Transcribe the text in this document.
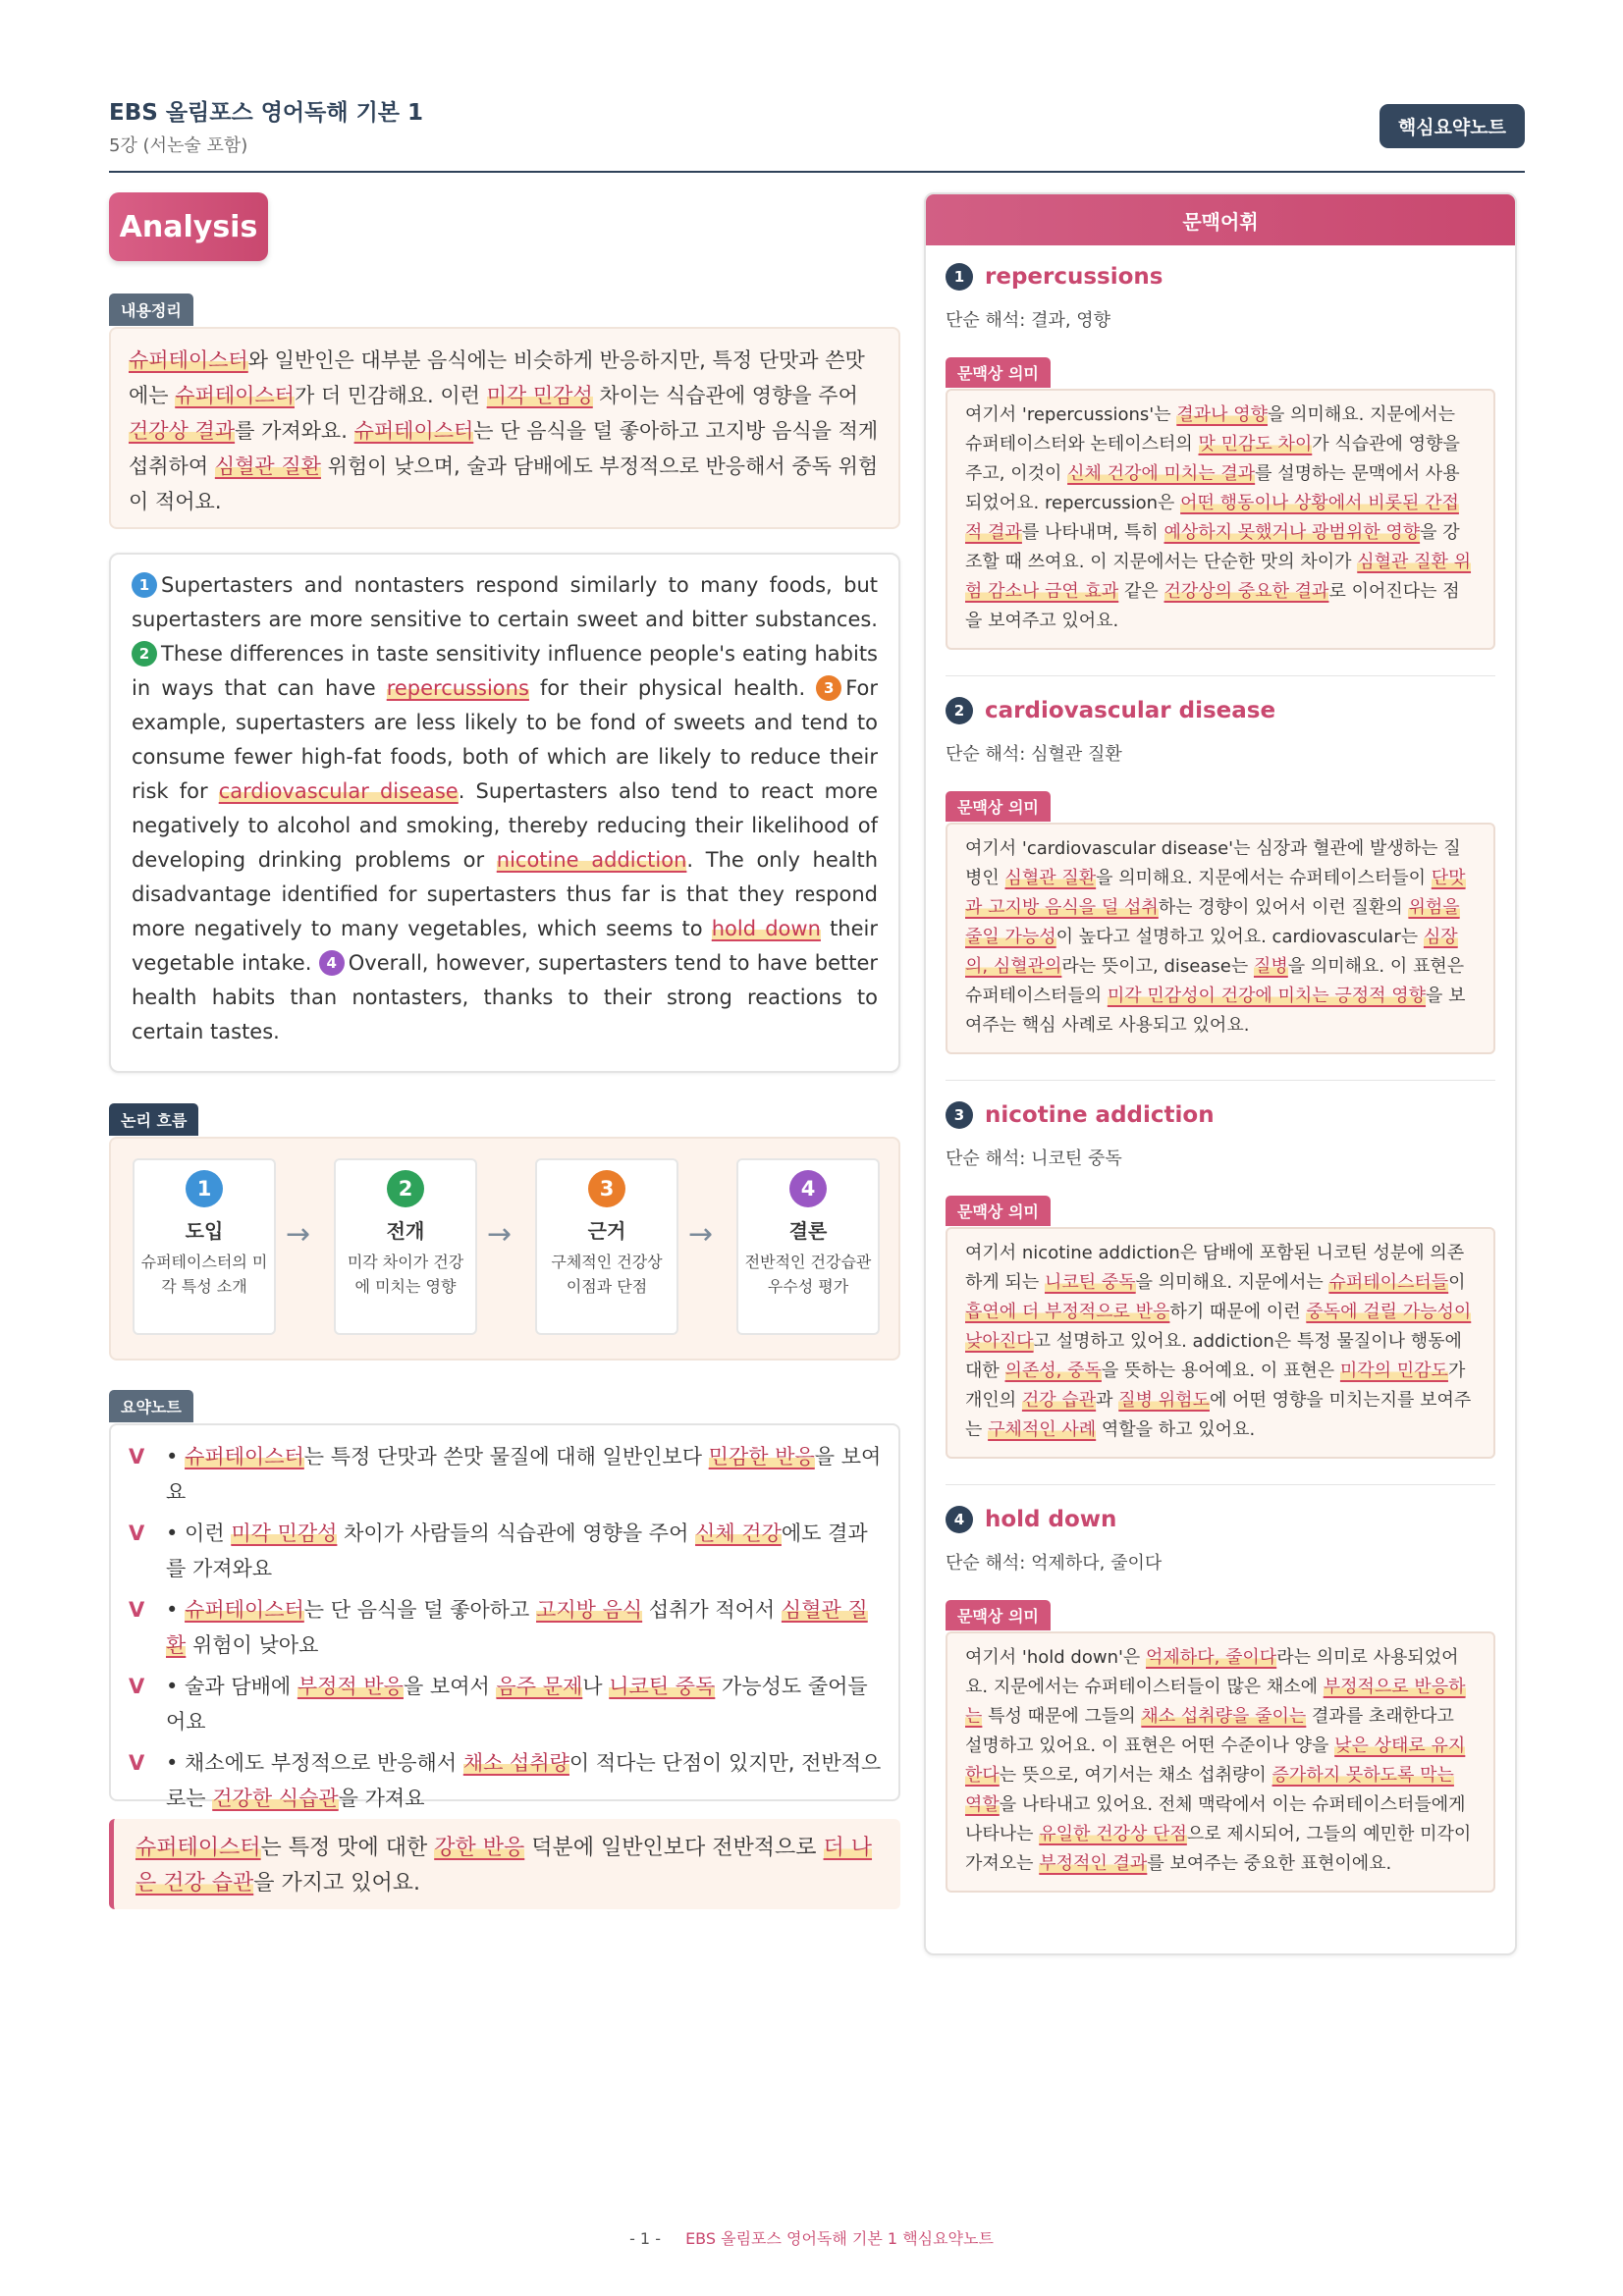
EBS 올림포스 영어독해 기본 1
5강 (서논술 포함)
핵심요약노트
Analysis
내용정리
슈퍼테이스터와 일반인은 대부분 음식에는 비슷하게 반응하지만, 특정 단맛과 쓴맛에는 슈퍼테이스터가 더 민감해요. 이런 미각 민감성 차이는 식습관에 영향을 주어 건강상 결과를 가져와요. 슈퍼테이스터는 단 음식을 덜 좋아하고 고지방 음식을 적게 섭취하여 심혈관 질환 위험이 낮으며, 술과 담배에도 부정적으로 반응해서 중독 위험이 적어요.
1 Supertasters and nontasters respond similarly to many foods, but supertasters are more sensitive to certain sweet and bitter substances. 2 These differences in taste sensitivity influence people's eating habits in ways that can have repercussions for their physical health. 3 For example, supertasters are less likely to be fond of sweets and tend to consume fewer high-fat foods, both of which are likely to reduce their risk for cardiovascular disease. Supertasters also tend to react more negatively to alcohol and smoking, thereby reducing their likelihood of developing drinking problems or nicotine addiction. The only health disadvantage identified for supertasters thus far is that they respond more negatively to many vegetables, which seems to hold down their vegetable intake. 4 Overall, however, supertasters tend to have better health habits than nontasters, thanks to their strong reactions to certain tastes.
논리 흐름
1
도입
슈퍼테이스터의 미각 특성 소개
→
2
전개
미각 차이가 건강에 미치는 영향
→
3
근거
구체적인 건강상 이점과 단점
→
4
결론
전반적인 건강습관 우수성 평가
요약노트
V • 슈퍼테이스터는 특정 단맛과 쓴맛 물질에 대해 일반인보다 민감한 반응을 보여요
V • 이런 미각 민감성 차이가 사람들의 식습관에 영향을 주어 신체 건강에도 결과를 가져와요
V • 슈퍼테이스터는 단 음식을 덜 좋아하고 고지방 음식 섭취가 적어서 심혈관 질환 위험이 낮아요
V • 술과 담배에 부정적 반응을 보여서 음주 문제나 니코틴 중독 가능성도 줄어들어요
V • 채소에도 부정적으로 반응해서 채소 섭취량이 적다는 단점이 있지만, 전반적으로는 건강한 식습관을 가져요
슈퍼테이스터는 특정 맛에 대한 강한 반응 덕분에 일반인보다 전반적으로 더 나은 건강 습관을 가지고 있어요.
문맥어휘
1 repercussions
단순 해석: 결과, 영향
문맥상 의미
여기서 'repercussions'는 결과나 영향을 의미해요. 지문에서는 슈퍼테이스터와 논테이스터의 맛 민감도 차이가 식습관에 영향을 주고, 이것이 신체 건강에 미치는 결과를 설명하는 문맥에서 사용되었어요. repercussion은 어떤 행동이나 상황에서 비롯된 간접적 결과를 나타내며, 특히 예상하지 못했거나 광범위한 영향을 강조할 때 쓰여요. 이 지문에서는 단순한 맛의 차이가 심혈관 질환 위험 감소나 금연 효과 같은 건강상의 중요한 결과로 이어진다는 점을 보여주고 있어요.
2 cardiovascular disease
단순 해석: 심혈관 질환
문맥상 의미
여기서 'cardiovascular disease'는 심장과 혈관에 발생하는 질병인 심혈관 질환을 의미해요. 지문에서는 슈퍼테이스터들이 단맛과 고지방 음식을 덜 섭취하는 경향이 있어서 이런 질환의 위험을 줄일 가능성이 높다고 설명하고 있어요. cardiovascular는 심장의, 심혈관의라는 뜻이고, disease는 질병을 의미해요. 이 표현은 슈퍼테이스터들의 미각 민감성이 건강에 미치는 긍정적 영향을 보여주는 핵심 사례로 사용되고 있어요.
3 nicotine addiction
단순 해석: 니코틴 중독
문맥상 의미
여기서 nicotine addiction은 담배에 포함된 니코틴 성분에 의존하게 되는 니코틴 중독을 의미해요. 지문에서는 슈퍼테이스터들이 흡연에 더 부정적으로 반응하기 때문에 이런 중독에 걸릴 가능성이 낮아진다고 설명하고 있어요. addiction은 특정 물질이나 행동에 대한 의존성, 중독을 뜻하는 용어예요. 이 표현은 미각의 민감도가 개인의 건강 습관과 질병 위험도에 어떤 영향을 미치는지를 보여주는 구체적인 사례 역할을 하고 있어요.
4 hold down
단순 해석: 억제하다, 줄이다
문맥상 의미
여기서 'hold down'은 억제하다, 줄이다라는 의미로 사용되었어요. 지문에서는 슈퍼테이스터들이 많은 채소에 부정적으로 반응하는 특성 때문에 그들의 채소 섭취량을 줄이는 결과를 초래한다고 설명하고 있어요. 이 표현은 어떤 수준이나 양을 낮은 상태로 유지한다는 뜻으로, 여기서는 채소 섭취량이 증가하지 못하도록 막는 역할을 나타내고 있어요. 전체 맥락에서 이는 슈퍼테이스터들에게 나타나는 유일한 건강상 단점으로 제시되어, 그들의 예민한 미각이 가져오는 부정적인 결과를 보여주는 중요한 표현이에요.
- 1 - EBS 올림포스 영어독해 기본 1 핵심요약노트
